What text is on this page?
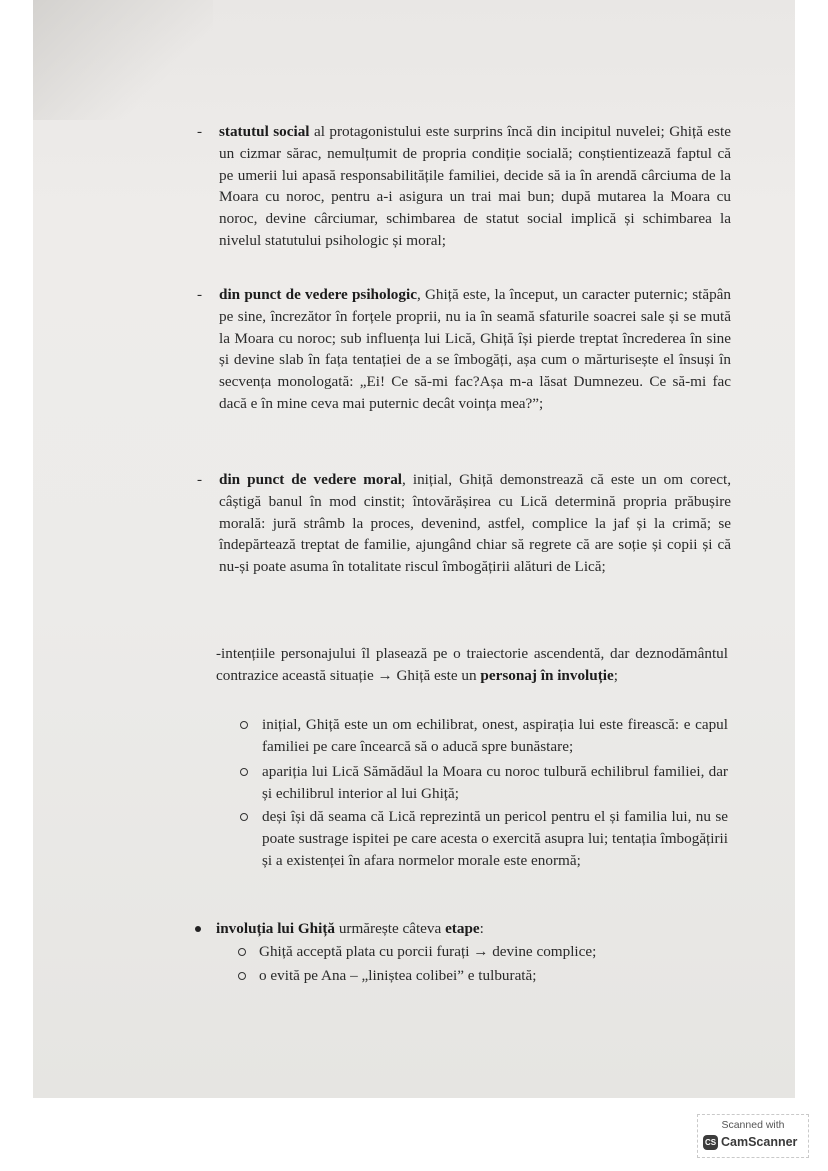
- statutul social al protagonistului este surprins încă din incipitul nuvelei; Ghiță este un cizmar sărac, nemulțumit de propria condiție socială; conștientizează faptul că pe umerii lui apasă responsabilitățile familiei, decide să ia în arendă cârciuma de la Moara cu noroc, pentru a-i asigura un trai mai bun; după mutarea la Moara cu noroc, devine cârciumar, schimbarea de statut social implică și schimbarea la nivelul statutului psihologic și moral;

- din punct de vedere psihologic, Ghiță este, la început, un caracter puternic; stăpân pe sine, încrezător în forțele proprii, nu ia în seamă sfaturile soacrei sale și se mută la Moara cu noroc; sub influența lui Lică, Ghiță își pierde treptat încrederea în sine și devine slab în fața tentației de a se îmbogăți, așa cum o mărturisește el însuși în secvența monologată: „Ei! Ce să-mi fac?Așa m-a lăsat Dumnezeu. Ce să-mi fac dacă e în mine ceva mai puternic decât voința mea?”;

- din punct de vedere moral, inițial, Ghiță demonstrează că este un om corect, câștigă banul în mod cinstit; întovărășirea cu Lică determină propria prăbușire morală: jură strâmb la proces, devenind, astfel, complice la jaf și la crimă; se îndepărtează treptat de familie, ajungând chiar să regrete că are soție și copii și că nu-și poate asuma în totalitate riscul îmbogățirii alături de Lică;

-intențiile personajului îl plasează pe o traiectorie ascendentă, dar deznodământul contrazice această situație → Ghiță este un personaj în involuție;

inițial, Ghiță este un om echilibrat, onest, aspirația lui este firească: e capul familiei pe care încearcă să o aducă spre bunăstare;

apariția lui Lică Sămădăul la Moara cu noroc tulbură echilibrul familiei, dar și echilibrul interior al lui Ghiță;

deși își dă seama că Lică reprezintă un pericol pentru el și familia lui, nu se poate sustrage ispitei pe care acesta o exercită asupra lui; tentația îmbogățirii și a existenței în afara normelor morale este enormă;

involuția lui Ghiță urmărește câteva etape:

Ghiță acceptă plata cu porcii furați → devine complice;

o evită pe Ana – „liniștea colibei” e tulburată;

Scanned with
CS CamScanner
